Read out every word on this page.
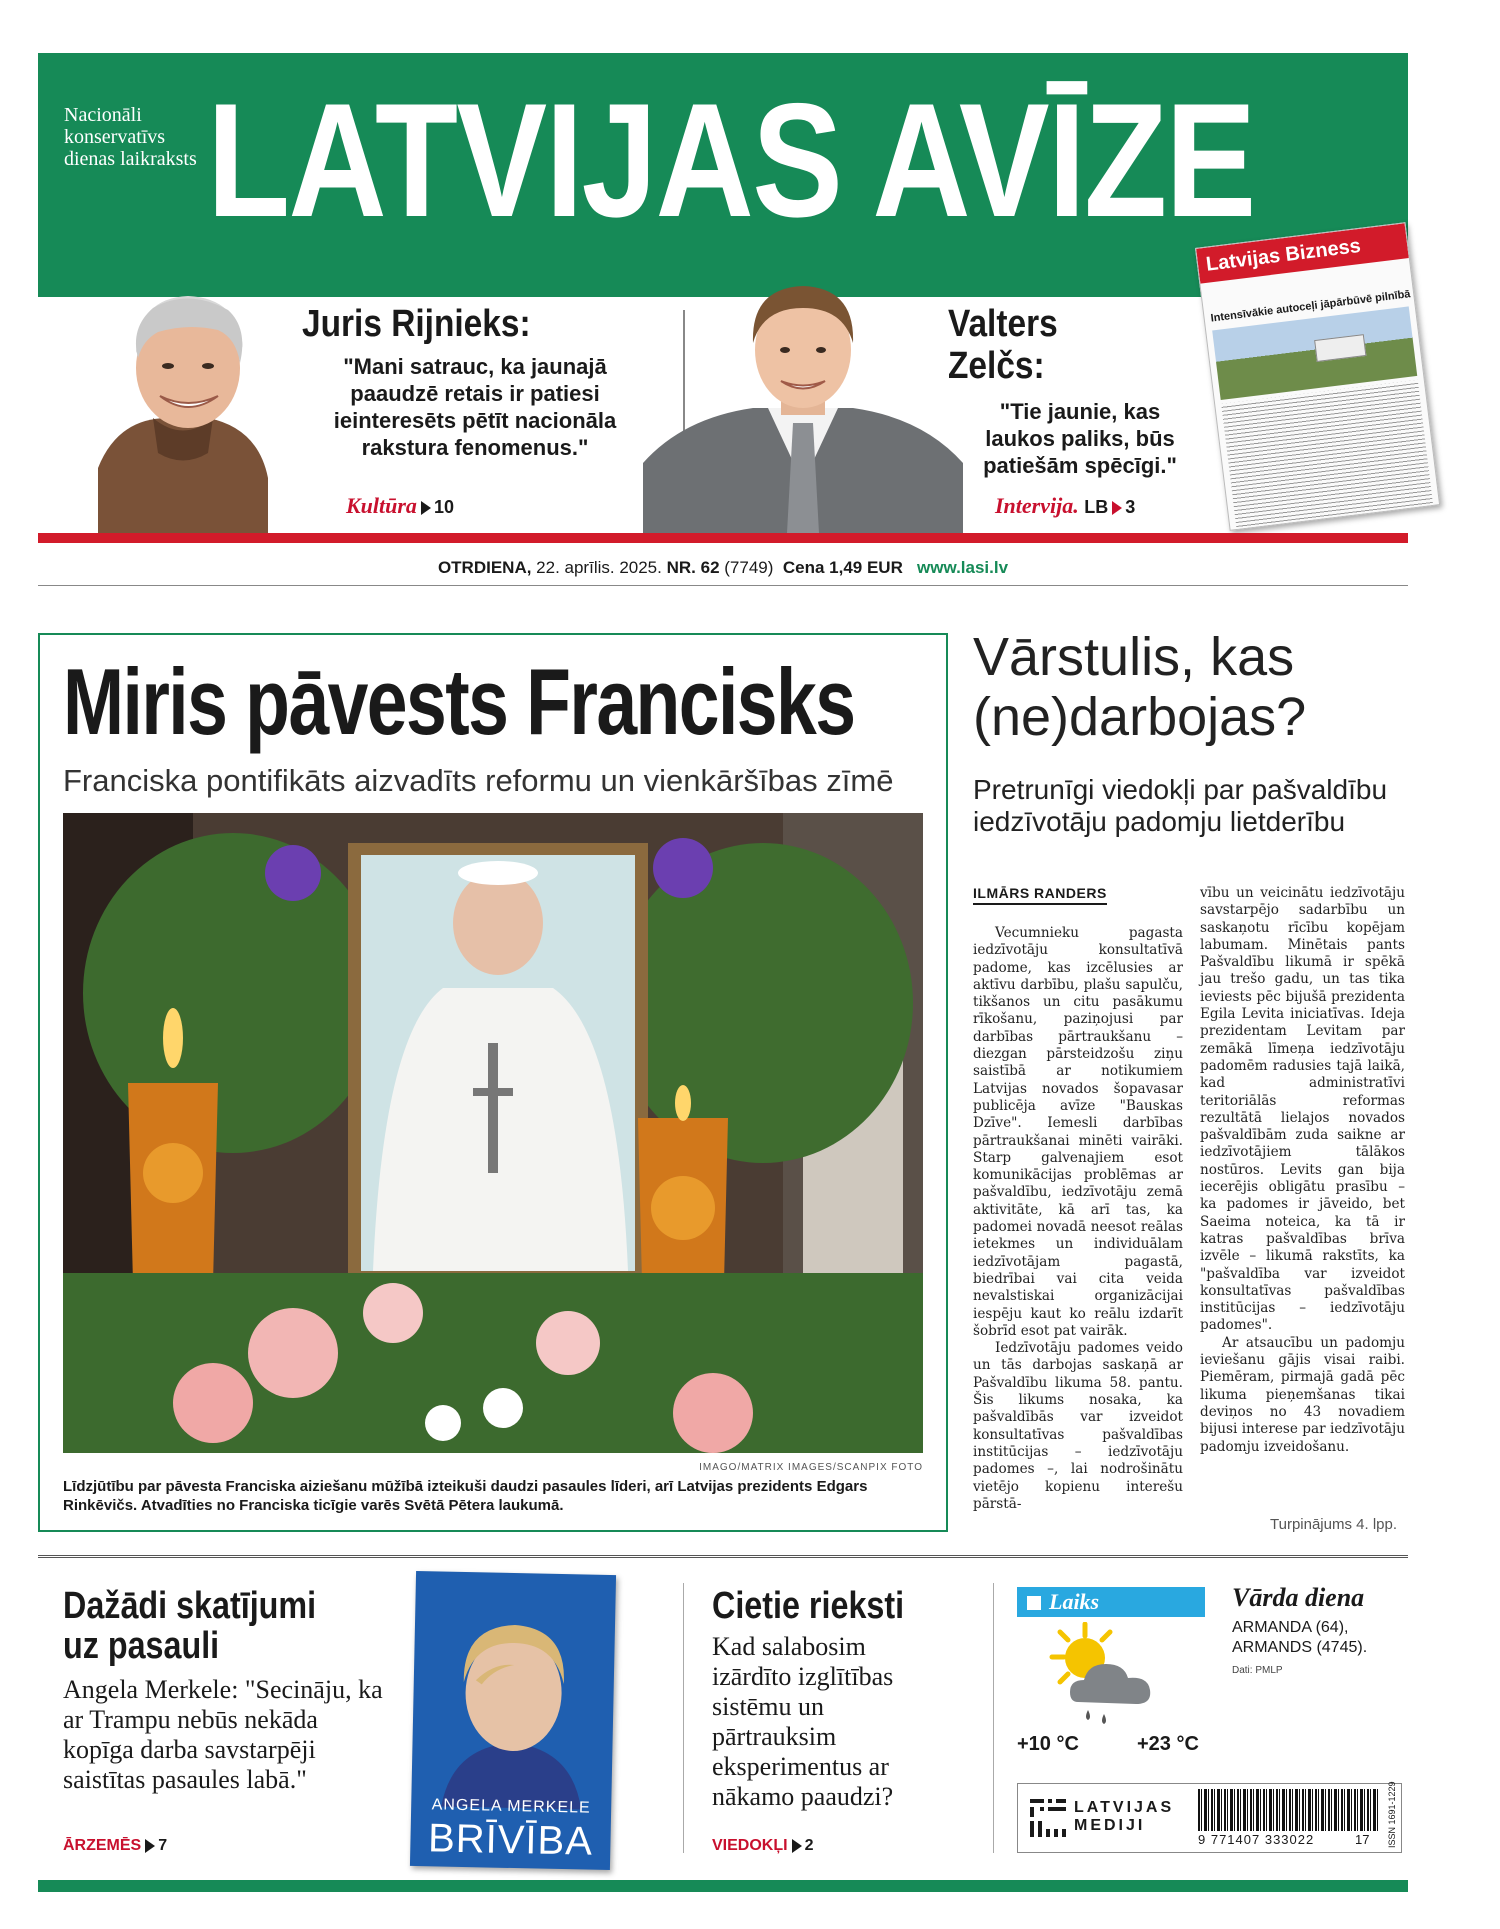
Nacionāli konservatīvs dienas laikraksts LATVIJAS AVĪZE
Juris Rijnieks:
"Mani satrauc, ka jaunajā paaudzē retais ir patiesi ieinteresēts pētīt nacionāla rakstura fenomenus."
Kultūra 10
Valters
Zelčs:
"Tie jaunie, kas laukos paliks, būs patiešām spēcīgi."
Intervija. LB 3
Latvijas Bizness
Intensīvākie autoceļi jāpārbūvē pilnībā
OTRDIENA, 22. aprīlis. 2025. NR. 62 (7749) Cena 1,49 EUR www.lasi.lv
Miris pāvests Francisks
Franciska pontifikāts aizvadīts reformu un vienkāršības zīmē
IMAGO/MATRIX IMAGES/SCANPIX FOTO
Līdzjūtību par pāvesta Franciska aiziešanu mūžībā izteikuši daudzi pasaules līderi, arī Latvijas prezidents Edgars Rinkēvičs. Atvadīties no Franciska ticīgie varēs Svētā Pētera laukumā.
Vārstulis, kas (ne)darbojas?
Pretrunīgi viedokļi par pašvaldību iedzīvotāju padomju lietderību
ILMĀRS RANDERS

Vecumnieku pagasta iedzīvotāju konsultatīvā padome, kas izcēlusies ar aktīvu darbību, plašu sapulču, tikšanos un citu pasākumu rīkošanu, paziņojusi par darbības pārtraukšanu – diezgan pārsteidzošu ziņu saistībā ar notikumiem Latvijas novados šopavasar publicēja avīze "Bauskas Dzīve". Iemesli darbības pārtraukšanai minēti vairāki. Starp galvenajiem esot komunikācijas problēmas ar pašvaldību, iedzīvotāju zemā aktivitāte, kā arī tas, ka padomei novadā neesot reālas ietekmes un individuālam iedzīvotājam pagastā, biedrībai vai cita veida nevalstiskai organizācijai iespēju kaut ko reālu izdarīt šobrīd esot pat vairāk.

Iedzīvotāju padomes veido un tās darbojas saskaņā ar Pašvaldību likuma 58. pantu. Šis likums nosaka, ka pašvaldībās var izveidot konsultatīvas pašvaldības institūcijas – iedzīvotāju padomes –, lai nodrošinātu vietējo kopienu interešu pārstā-

vību un veicinātu iedzīvotāju savstarpējo sadarbību un saskaņotu rīcību kopējam labumam. Minētais pants Pašvaldību likumā ir spēkā jau trešo gadu, un tas tika ieviests pēc bijušā prezidenta Egila Levita iniciatīvas. Ideja prezidentam Levitam par zemākā līmeņa iedzīvotāju padomēm radusies tajā laikā, kad administratīvi teritoriālās reformas rezultātā lielajos novados pašvaldībām zuda saikne ar iedzīvotājiem tālākos nostūros. Levits gan bija iecerējis obligātu prasību – ka padomes ir jāveido, bet Saeima noteica, ka tā ir katras pašvaldības brīva izvēle – likumā rakstīts, ka "pašvaldība var izveidot konsultatīvas pašvaldības institūcijas – iedzīvotāju padomes".

Ar atsaucību un padomju ieviešanu gājis visai raibi. Piemēram, pirmajā gadā pēc likuma pieņemšanas tikai deviņos no 43 novadiem bijusi interese par iedzīvotāju padomju izveidošanu.

Turpinājums 4. lpp.
Dažādi skatījumi
uz pasauli
Angela Merkele: "Secināju, ka ar Trampu nebūs nekāda kopīga darba savstarpēji saistītas pasaules labā."
ĀRZEMĒS 7
ANGELA MERKELE
BRĪVĪBA
Cietie rieksti
Kad salabosim izārdīto izglītības sistēmu un pārtrauksim eksperimentus ar nākamo paaudzi?
VIEDOKĻI 2
Laiks
+10 °C	+23 °C
Vārda diena
ARMANDA (64),
ARMANDS (4745).
Dati: PMLP
LATVIJAS
MEDIJI
9 771407 333022	17 ISSN 1691-1229
